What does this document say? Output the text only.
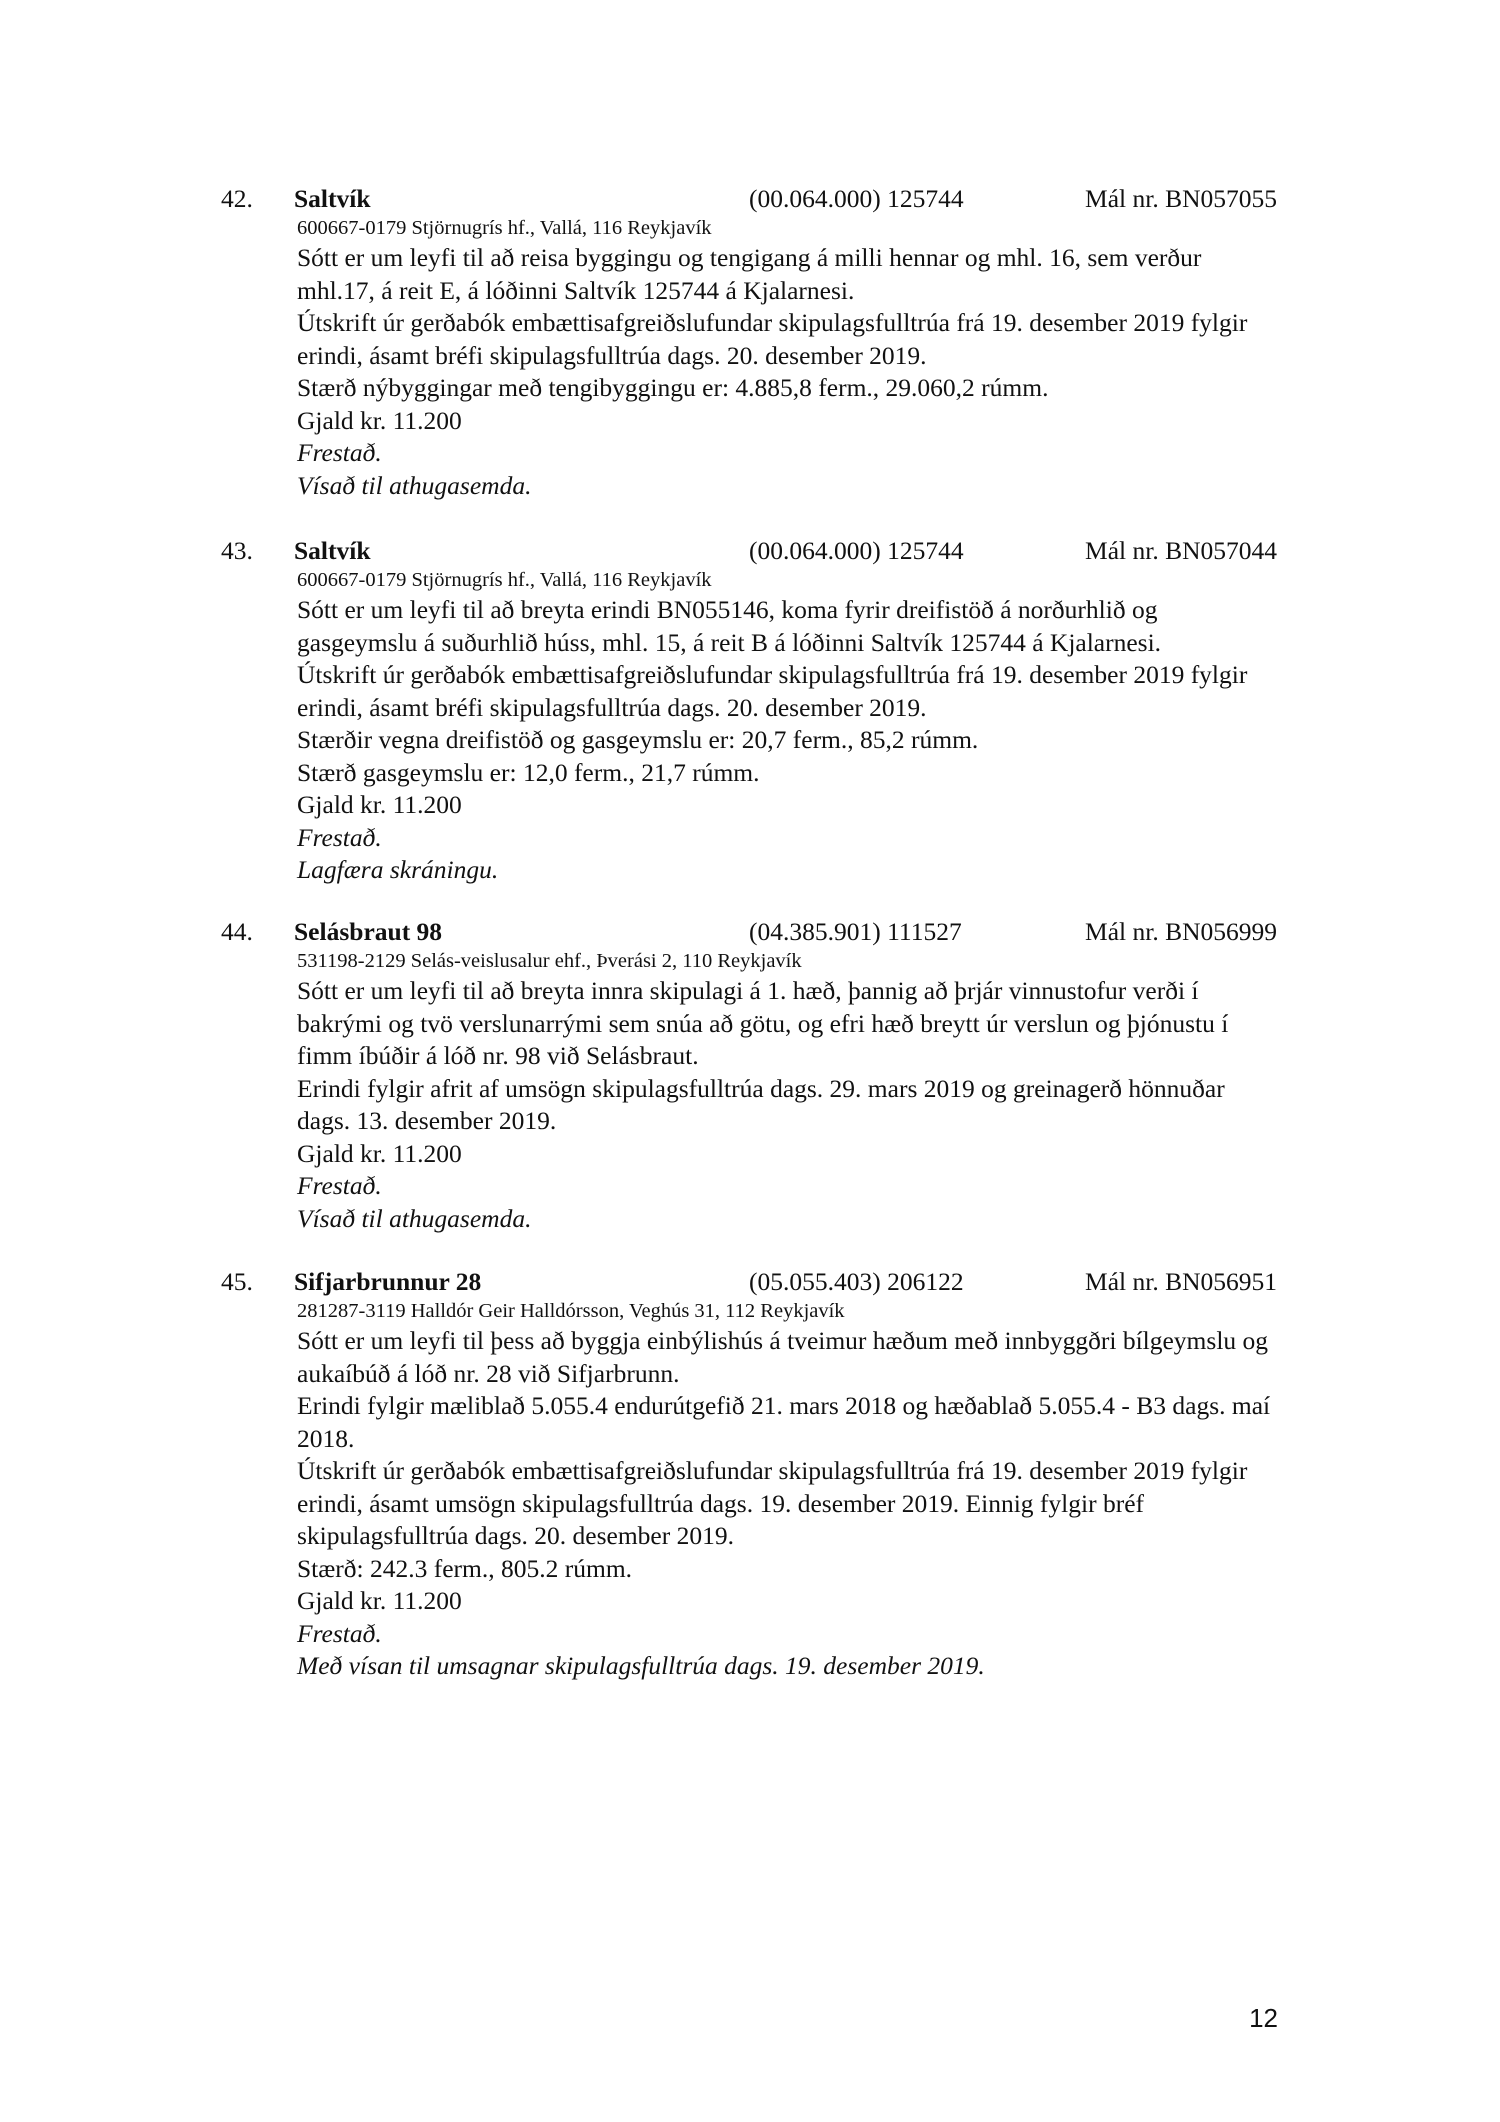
42. Saltvík	(00.064.000) 125744	Mál nr. BN057055
600667-0179 Stjörnugrís hf., Vallá, 116 Reykjavík
Sótt er um leyfi til að reisa byggingu og tengigang á milli hennar og mhl. 16, sem verður mhl.17, á reit E, á lóðinni Saltvík 125744 á Kjalarnesi.
Útskrift úr gerðabók embættisafgreiðslufundar skipulagsfulltrúa frá 19. desember 2019 fylgir erindi, ásamt bréfi skipulagsfulltrúa dags. 20. desember 2019.
Stærð nýbyggingar með tengibyggingu er: 4.885,8 ferm., 29.060,2 rúmm.
Gjald kr. 11.200
Frestað.
Vísað til athugasemda.
43. Saltvík	(00.064.000) 125744	Mál nr. BN057044
600667-0179 Stjörnugrís hf., Vallá, 116 Reykjavík
Sótt er um leyfi til að breyta erindi BN055146, koma fyrir dreifistöð á norðurhlið og gasgeymslu á suðurhlið húss, mhl. 15, á reit B á lóðinni Saltvík 125744 á Kjalarnesi.
Útskrift úr gerðabók embættisafgreiðslufundar skipulagsfulltrúa frá 19. desember 2019 fylgir erindi, ásamt bréfi skipulagsfulltrúa dags. 20. desember 2019.
Stærðir vegna dreifistöð og gasgeymslu er: 20,7 ferm., 85,2 rúmm.
Stærð gasgeymslu er: 12,0 ferm., 21,7 rúmm.
Gjald kr. 11.200
Frestað.
Lagfæra skráningu.
44. Selásbraut 98	(04.385.901) 111527	Mál nr. BN056999
531198-2129 Selás-veislusalur ehf., Þverási 2, 110 Reykjavík
Sótt er um leyfi til að breyta innra skipulagi á 1. hæð, þannig að þrjár vinnustofur verði í bakrými og tvö verslunarrými sem snúa að götu, og efri hæð breytt úr verslun og þjónustu í fimm íbúðir á lóð nr. 98 við Selásbraut.
Erindi fylgir afrit af umsögn skipulagsfulltrúa dags. 29. mars 2019 og greinagerð hönnuðar dags. 13. desember 2019.
Gjald kr. 11.200
Frestað.
Vísað til athugasemda.
45. Sifjarbrunnur 28	(05.055.403) 206122	Mál nr. BN056951
281287-3119 Halldór Geir Halldórsson, Veghús 31, 112 Reykjavík
Sótt er um leyfi til þess að byggja einbýlishús á tveimur hæðum með innbyggðri bílgeymslu og aukaíbúð á lóð nr. 28 við Sifjarbrunn.
Erindi fylgir mæliblað 5.055.4 endurútgefið 21. mars 2018 og hæðablað 5.055.4 - B3 dags. maí 2018.
Útskrift úr gerðabók embættisafgreiðslufundar skipulagsfulltrúa frá 19. desember 2019 fylgir erindi, ásamt umsögn skipulagsfulltrúa dags. 19. desember 2019. Einnig fylgir bréf skipulagsfulltrúa dags. 20. desember 2019.
Stærð: 242.3 ferm., 805.2 rúmm.
Gjald kr. 11.200
Frestað.
Með vísan til umsagnar skipulagsfulltrúa dags. 19. desember 2019.
12
